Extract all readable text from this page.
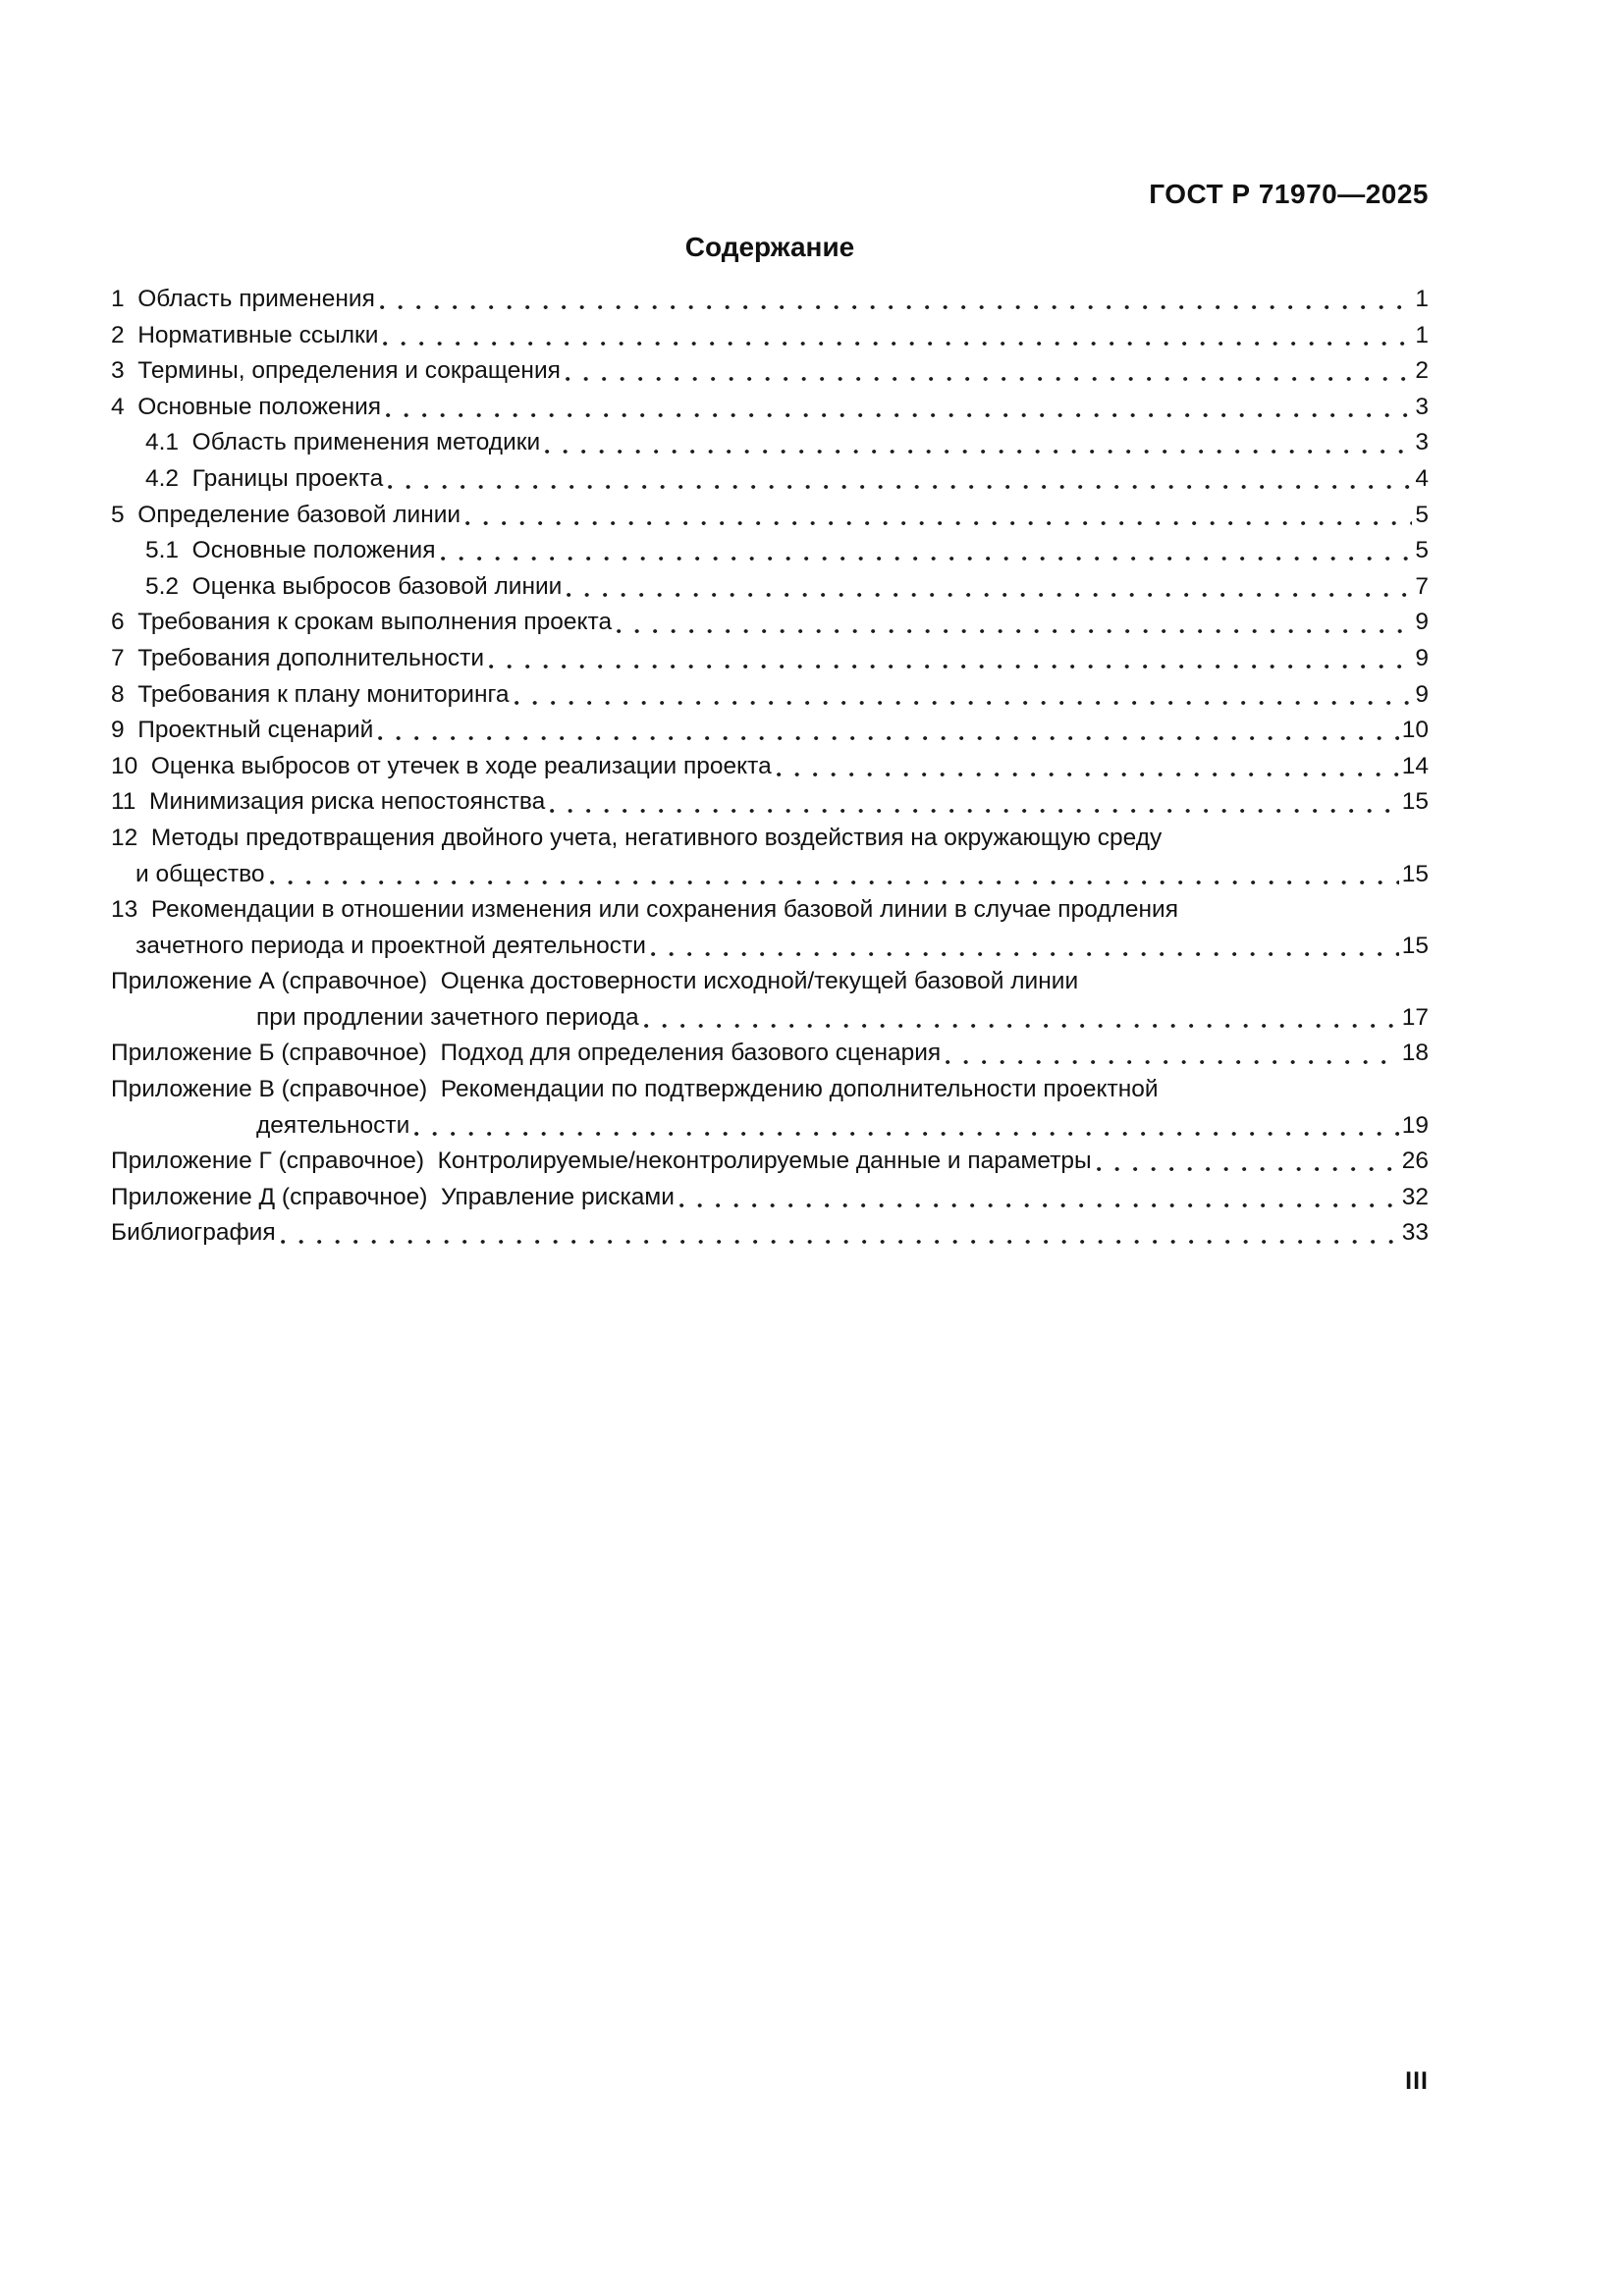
ГОСТ Р 71970—2025

Содержание
1  Область применения	1
2  Нормативные ссылки	1
3  Термины, определения и сокращения	2
4  Основные положения	3
4.1  Область применения методики	3
4.2  Границы проекта	4
5  Определение базовой линии	5
5.1  Основные положения	5
5.2  Оценка выбросов базовой линии	7
6  Требования к срокам выполнения проекта	9
7  Требования дополнительности	9
8  Требования к плану мониторинга	9
9  Проектный сценарий	10
10  Оценка выбросов от утечек в ходе реализации проекта	14
11  Минимизация риска непостоянства	15
12  Методы предотвращения двойного учета, негативного воздействия на окружающую среду
и общество	15
13  Рекомендации в отношении изменения или сохранения базовой линии в случае продления
зачетного периода и проектной деятельности	15
Приложение А (справочное)  Оценка достоверности исходной/текущей базовой линии
при продлении зачетного периода	17
Приложение Б (справочное)  Подход для определения базового сценария	18
Приложение В (справочное)  Рекомендации по подтверждению дополнительности проектной
деятельности	19
Приложение Г (справочное)  Контролируемые/неконтролируемые данные и параметры	26
Приложение Д (справочное)  Управление рисками	32
Библиография	33
III
